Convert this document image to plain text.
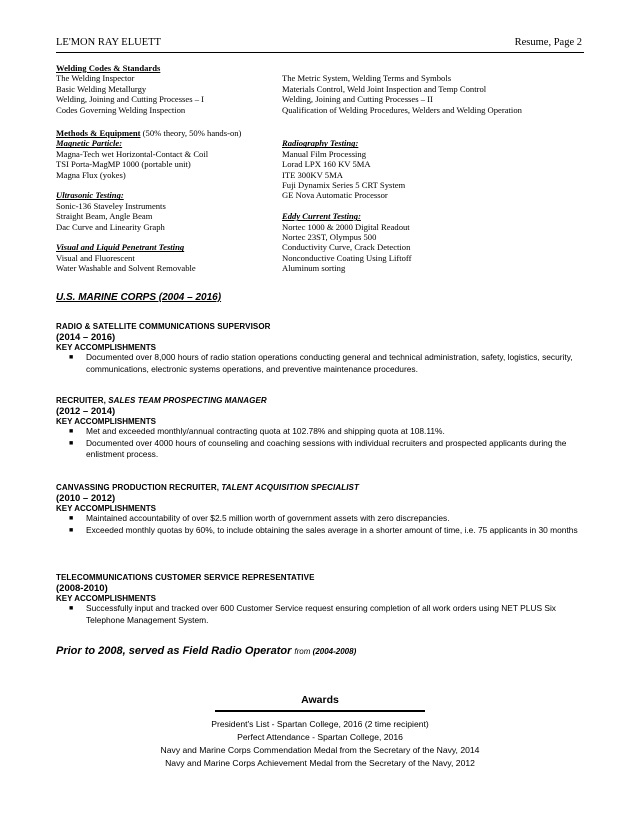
LE'MON RAY ELUETT	Resume, Page 2
Welding Codes & Standards
The Welding Inspector
Basic Welding Metallurgy
Welding, Joining and Cutting Processes – I
Codes Governing Welding Inspection
The Metric System, Welding Terms and Symbols
Materials Control, Weld Joint Inspection and Temp Control
Welding, Joining and Cutting Processes – II
Qualification of Welding Procedures, Welders and Welding Operation
Methods & Equipment (50% theory, 50% hands-on)
Magnetic Particle:
Magna-Tech wet Horizontal-Contact & Coil
TSI Porta-MagMP 1000 (portable unit)
Magna Flux (yokes)
Ultrasonic Testing:
Sonic-136 Staveley Instruments
Straight Beam, Angle Beam
Dac Curve and Linearity Graph
Visual and Liquid Penetrant Testing
Visual and Fluorescent
Water Washable and Solvent Removable
Radiography Testing:
Manual Film Processing
Lorad LPX 160 KV 5MA
ITE 300KV 5MA
Fuji Dynamix Series 5 CRT System
GE Nova Automatic Processor
Eddy Current Testing:
Nortec 1000 & 2000 Digital Readout
Nortec 23ST, Olympus 500
Conductivity Curve, Crack Detection
Nonconductive Coating Using Liftoff
Aluminum sorting
U.S. MARINE CORPS (2004 – 2016)
RADIO & SATELLITE COMMUNICATIONS SUPERVISOR
(2014 – 2016)
KEY ACCOMPLISHMENTS
■ Documented over 8,000 hours of radio station operations conducting general and technical administration, safety, logistics, security, communications, electronic systems operations, and preventive maintenance procedures.
RECRUITER, SALES TEAM PROSPECTING MANAGER
(2012 – 2014)
KEY ACCOMPLISHMENTS
■ Met and exceeded monthly/annual contracting quota at 102.78% and shipping quota at 108.11%.
■ Documented over 4000 hours of counseling and coaching sessions with individual recruiters and prospected applicants during the enlistment process.
CANVASSING PRODUCTION RECRUITER, TALENT ACQUISITION SPECIALIST
(2010 – 2012)
KEY ACCOMPLISHMENTS
■ Maintained accountability of over $2.5 million worth of government assets with zero discrepancies.
■ Exceeded monthly quotas by 60%, to include obtaining the sales average in a shorter amount of time, i.e. 75 applicants in 30 months
TELECOMMUNICATIONS CUSTOMER SERVICE REPRESENTATIVE
(2008-2010)
KEY ACCOMPLISHMENTS
■ Successfully input and tracked over 600 Customer Service request ensuring completion of all work orders using NET PLUS Six Telephone Management System.
Prior to 2008, served as Field Radio Operator from (2004-2008)
Awards
President's List - Spartan College, 2016 (2 time recipient)
Perfect Attendance - Spartan College, 2016
Navy and Marine Corps Commendation Medal from the Secretary of the Navy, 2014
Navy and Marine Corps Achievement Medal from the Secretary of the Navy, 2012
